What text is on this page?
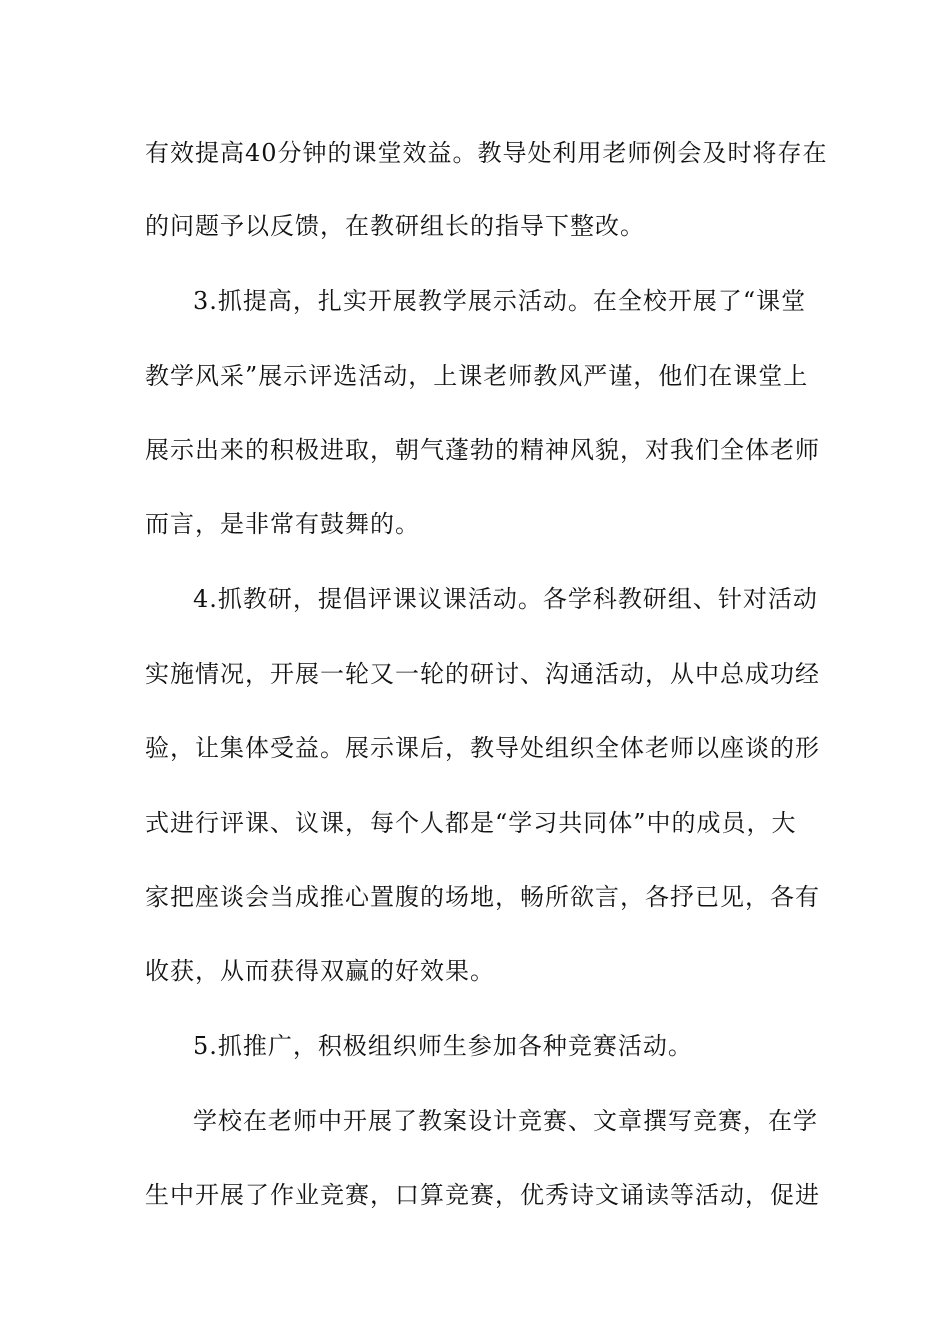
有效提高40分钟的课堂效益。教导处利用老师例会及时将存在
的问题予以反馈，在教研组长的指导下整改。
3.抓提高，扎实开展教学展示活动。在全校开展了“课堂
教学风采”展示评选活动，上课老师教风严谨，他们在课堂上
展示出来的积极进取，朝气蓬勃的精神风貌，对我们全体老师
而言，是非常有鼓舞的。
4.抓教研，提倡评课议课活动。各学科教研组、针对活动
实施情况，开展一轮又一轮的研讨、沟通活动，从中总成功经
验，让集体受益。展示课后，教导处组织全体老师以座谈的形
式进行评课、议课，每个人都是“学习共同体”中的成员，大
家把座谈会当成推心置腹的场地，畅所欲言，各抒已见，各有
收获，从而获得双赢的好效果。
5.抓推广，积极组织师生参加各种竞赛活动。
学校在老师中开展了教案设计竞赛、文章撰写竞赛，在学
生中开展了作业竞赛，口算竞赛，优秀诗文诵读等活动，促进
